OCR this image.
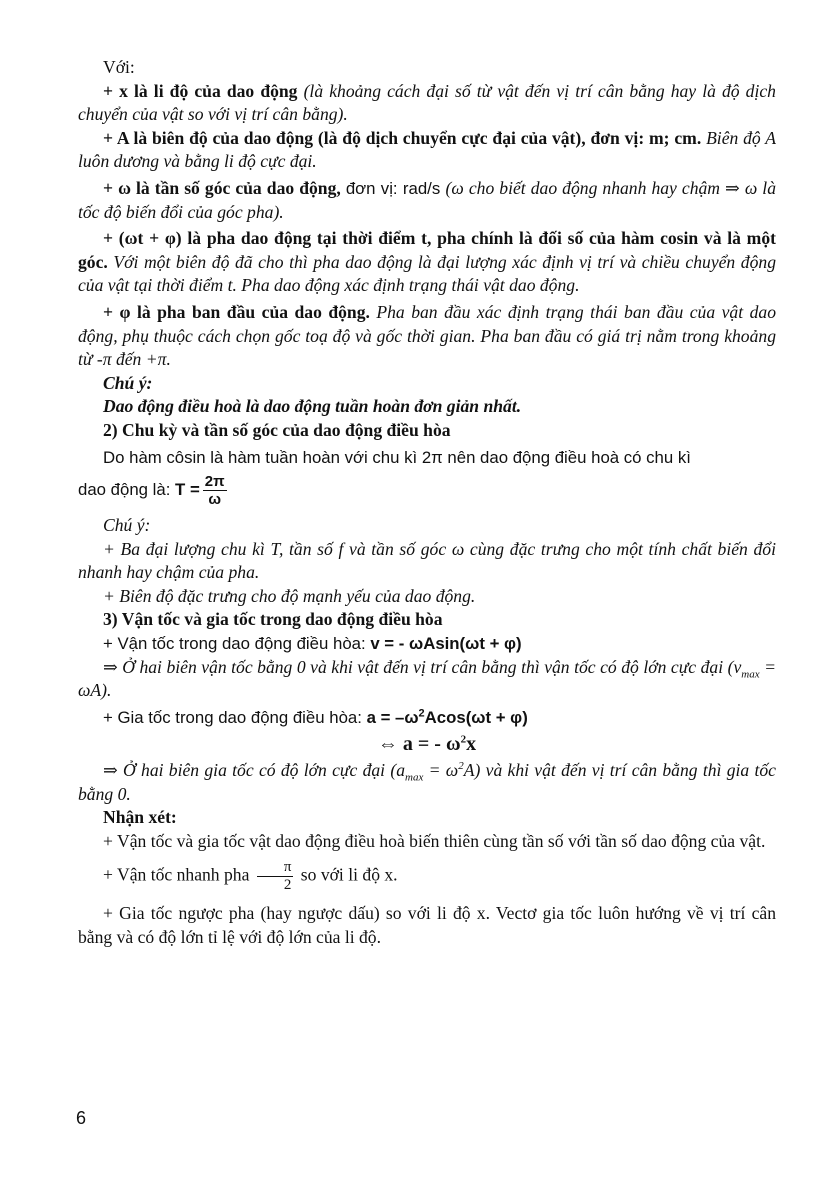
Với:

+ x là li độ của dao động (là khoảng cách đại số từ vật đến vị trí cân bằng hay là độ dịch chuyển của vật so với vị trí cân bằng).

+ A là biên độ của dao động (là độ dịch chuyển cực đại của vật), đơn vị: m; cm. Biên độ A luôn dương và bằng li độ cực đại.

+ ω là tần số góc của dao động, đơn vị: rad/s (ω cho biết dao động nhanh hay chậm ⇒ ω là tốc độ biến đổi của góc pha).

+ (ωt + φ) là pha dao động tại thời điểm t, pha chính là đối số của hàm cosin và là một góc. Với một biên độ đã cho thì pha dao động là đại lượng xác định vị trí và chiều chuyển động của vật tại thời điểm t. Pha dao động xác định trạng thái vật dao động.

+ φ là pha ban đầu của dao động. Pha ban đầu xác định trạng thái ban đầu của vật dao động, phụ thuộc cách chọn gốc toạ độ và gốc thời gian. Pha ban đầu có giá trị nằm trong khoảng từ -π đến +π.

Chú ý:

Dao động điều hoà là dao động tuần hoàn đơn giản nhất.

2) Chu kỳ và tần số góc của dao động điều hòa

Do hàm côsin là hàm tuần hoàn với chu kì 2π nên dao động điều hoà có chu kì

dao động là: $T = \frac{2\pi}{\omega}$

Chú ý:

+ Ba đại lượng chu kì T, tần số f và tần số góc ω cùng đặc trưng cho một tính chất biến đổi nhanh hay chậm của pha.

+ Biên độ đặc trưng cho độ mạnh yếu của dao động.

3) Vận tốc và gia tốc trong dao động điều hòa

+ Vận tốc trong dao động điều hòa: v = - ωAsin(ωt + φ)

⇒ Ở hai biên vận tốc bằng 0 và khi vật đến vị trí cân bằng thì vận tốc có độ lớn cực đại $(v_{max} = \omega A)$.

+ Gia tốc trong dao động điều hòa: $a = -\omega^2Acos(\omega t + \varphi)$

⇔ a = - $\omega^2x$

⇒ Ở hai biên gia tốc có độ lớn cực đại $(a_{max} = \omega^2A)$ và khi vật đến vị trí cân bằng thì gia tốc bằng 0.

Nhận xét:

+ Vận tốc và gia tốc vật dao động điều hoà biến thiên cùng tần số với tần số dao động của vật.

+ Vận tốc nhanh pha $\frac{\pi}{2}$ so với li độ x.

+ Gia tốc ngược pha (hay ngược dấu) so với li độ x. Vectơ gia tốc luôn hướng về vị trí cân bằng và có độ lớn tỉ lệ với độ lớn của li độ.

6
